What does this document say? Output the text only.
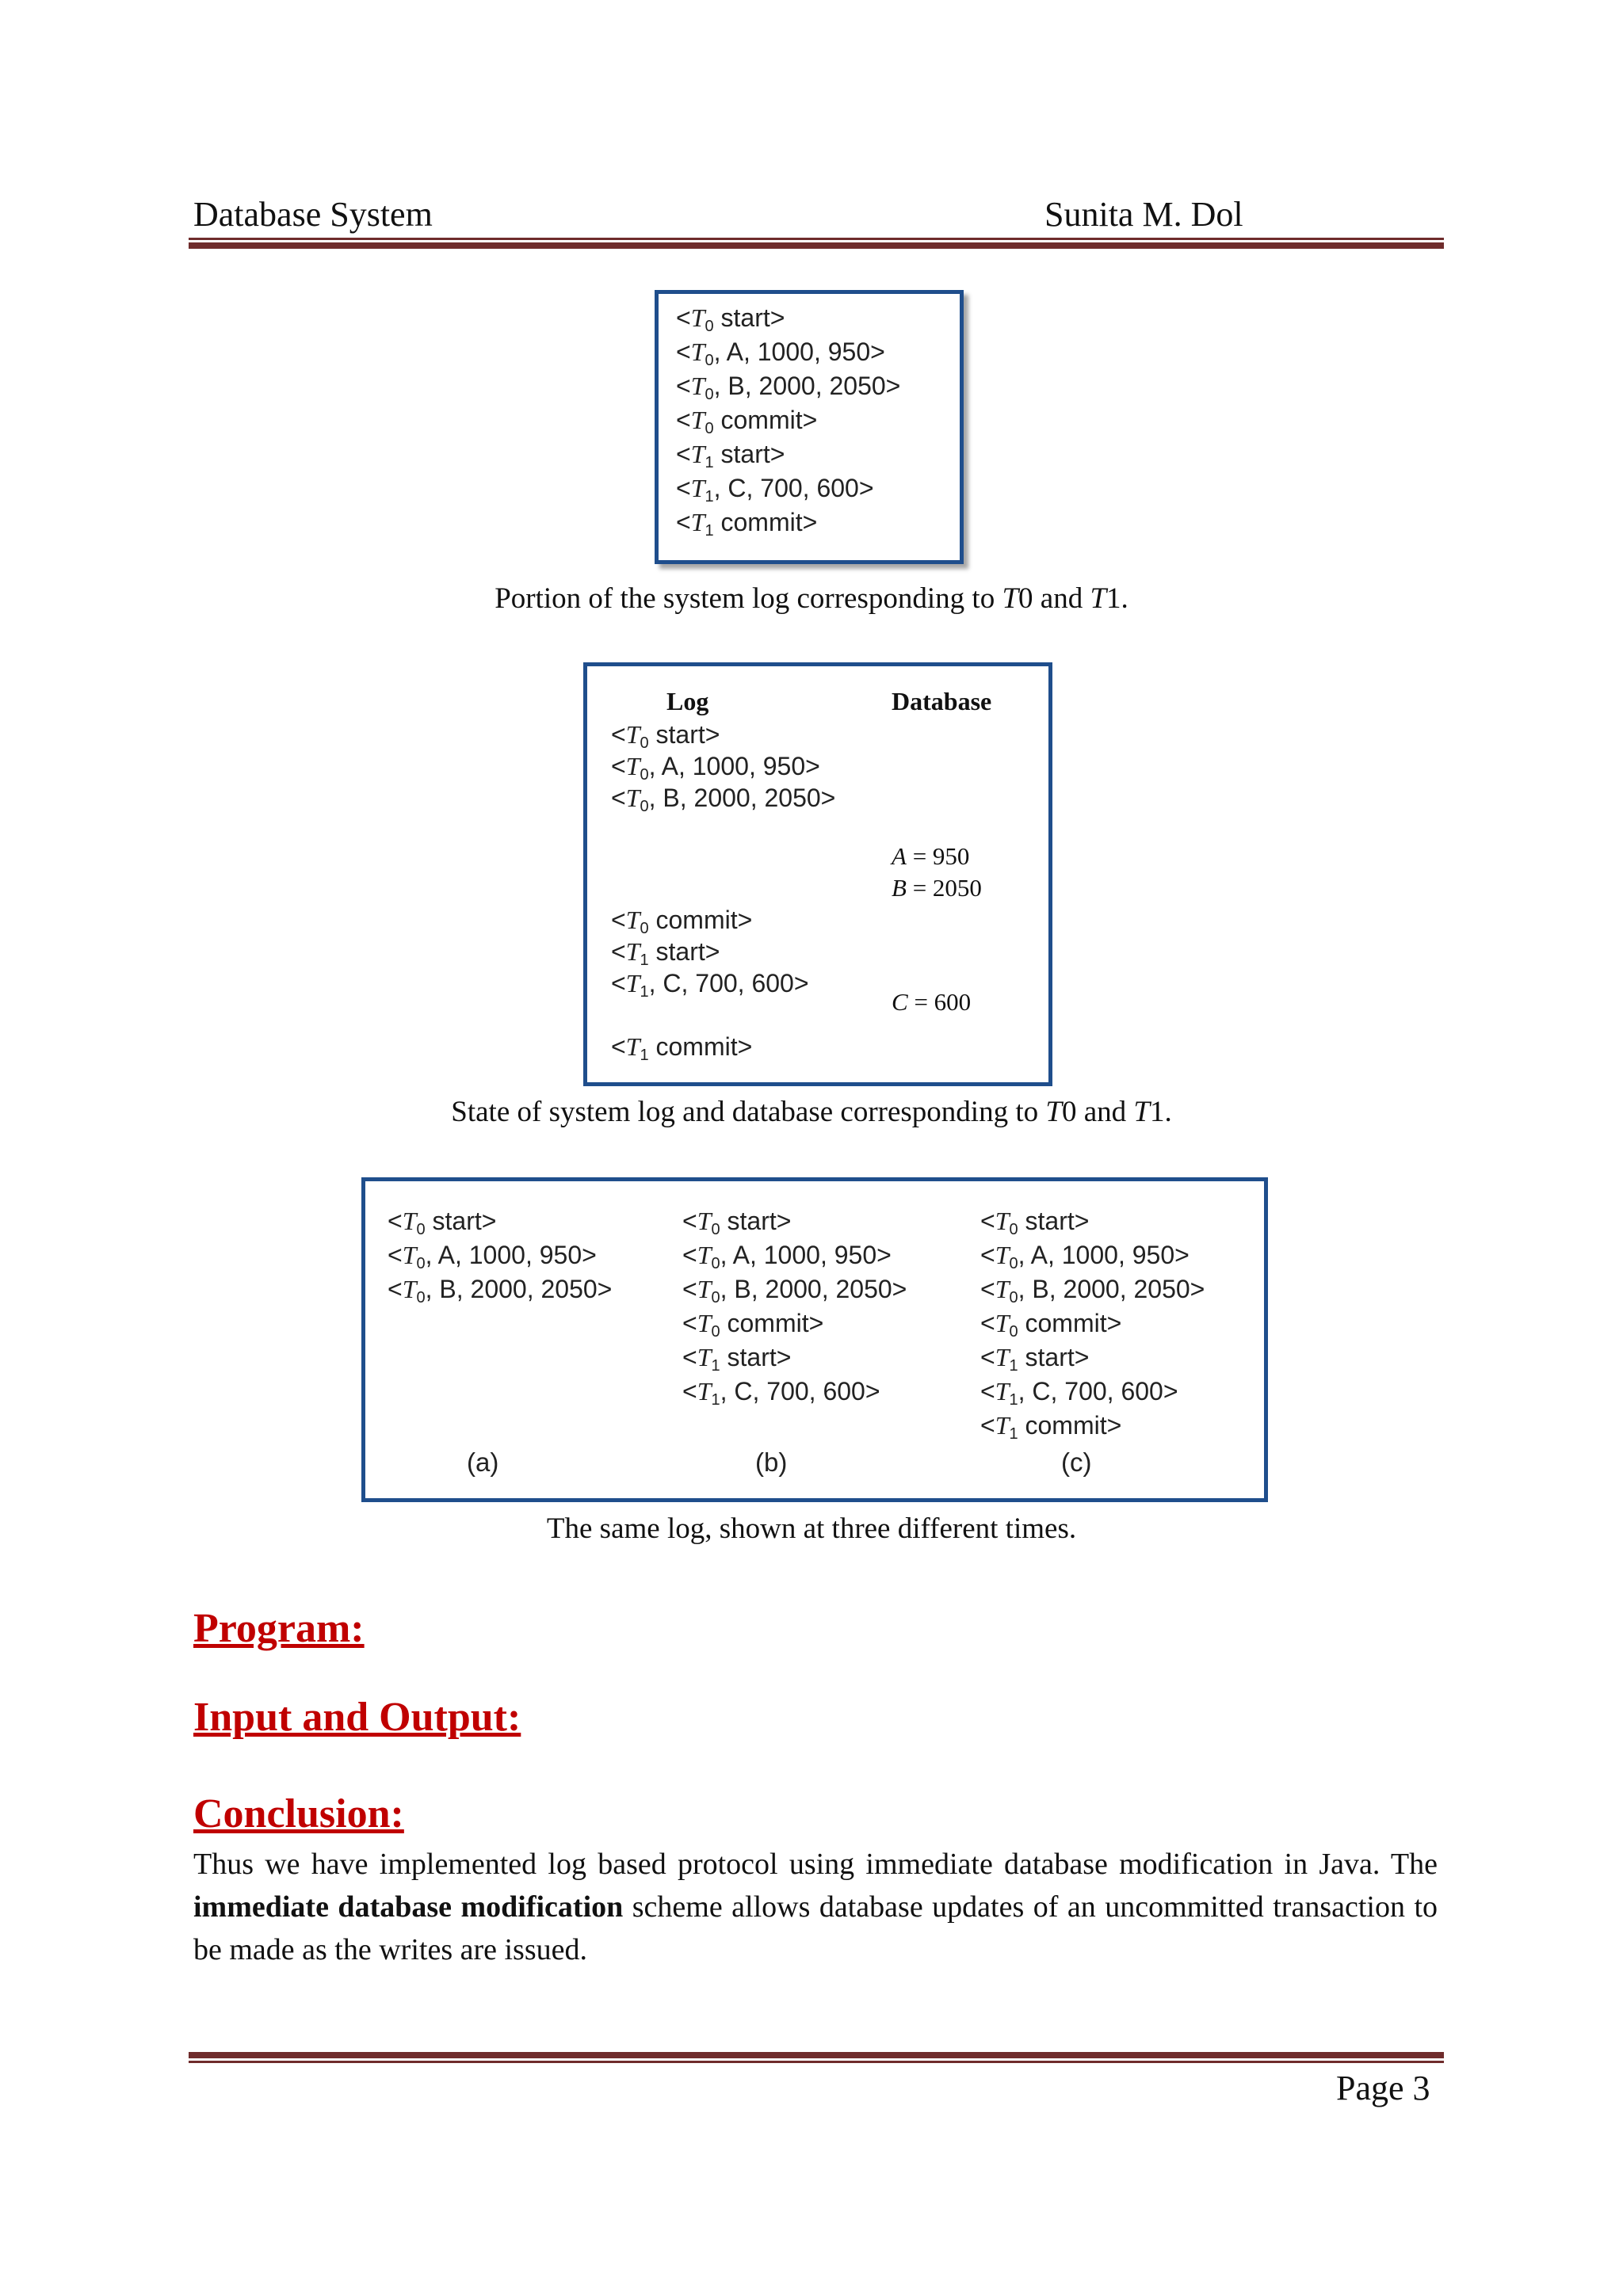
Database System	Sunita M. Dol
$<T_0$ start>
$<T_0$, A, 1000, 950>
$<T_0$, B, 2000, 2050>
$<T_0$ commit>
$<T_1$ start>
$<T_1$, C, 700, 600>
$<T_1$ commit>
Portion of the system log corresponding to T0 and T1.
Log	Database
$<T_0$ start>
$<T_0$, A, 1000, 950>
$<T_0$, B, 2000, 2050>
$<T_0$ commit>
$<T_1$ start>
$<T_1$, C, 700, 600>
$<T_1$ commit>
A = 950
B = 2050
C = 600
State of system log and database corresponding to T0 and T1.
$<T_0$ start>
$<T_0$, A, 1000, 950>
$<T_0$, B, 2000, 2050>
(a)
$<T_0$ start>
$<T_0$, A, 1000, 950>
$<T_0$, B, 2000, 2050>
$<T_0$ commit>
$<T_1$ start>
$<T_1$, C, 700, 600>
(b)
$<T_0$ start>
$<T_0$, A, 1000, 950>
$<T_0$, B, 2000, 2050>
$<T_0$ commit>
$<T_1$ start>
$<T_1$, C, 700, 600>
$<T_1$ commit>
(c)
The same log, shown at three different times.
Program:
Input and Output:
Conclusion:
Thus we have implemented log based protocol using immediate database modification in Java. The immediate database modification scheme allows database updates of an uncommitted transaction to be made as the writes are issued.
Page 3
